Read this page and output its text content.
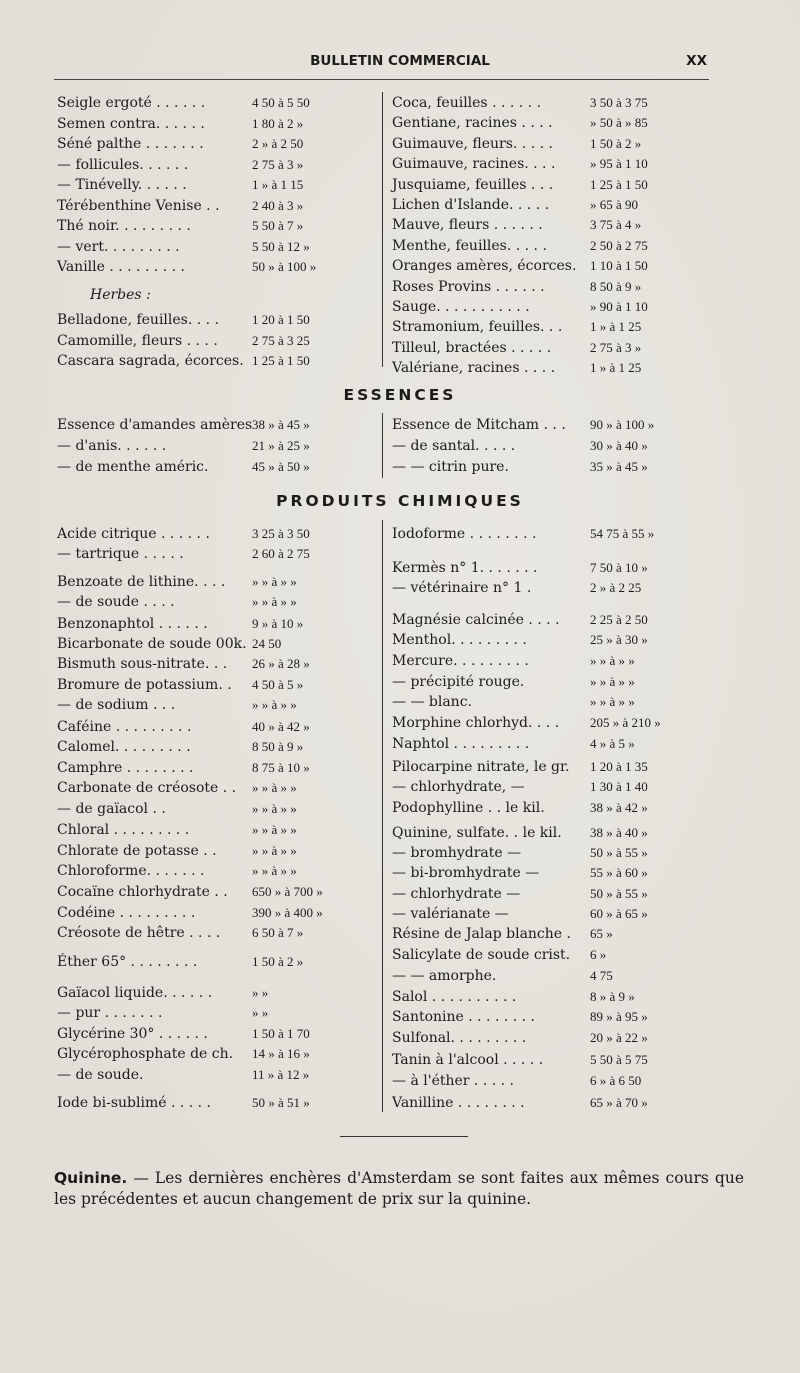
BULLETIN COMMERCIAL	XX
Herbes :
ESSENCES
PRODUITS CHIMIQUES
Quinine. — Les dernières enchères d'Amsterdam se sont faites aux mêmes cours que les précédentes et aucun changement de prix sur la quinine.
Seigle ergoté . . . . . .	4 50 à 5 50
Semen contra. . . . . .	1 80 à 2 »
Séné palthe . . . . . . .	2 » à 2 50
— follicules. . . . . .	2 75 à 3 »
— Tinévelly. . . . . .	1 » à 1 15
Térébenthine Venise . .	2 40 à 3 »
Thé noir. . . . . . . . .	5 50 à 7 »
— vert. . . . . . . . .	5 50 à 12 »
Vanille . . . . . . . . .	50 » à 100 »
Belladone, feuilles. . . .	1 20 à 1 50
Camomille, fleurs . . . .	2 75 à 3 25
Cascara sagrada, écorces. 1 25 à 1 50
Coca, feuilles . . . . . .	3 50 à 3 75
Gentiane, racines . . . .	» 50 à » 85
Guimauve, fleurs. . . . .	1 50 à 2 »
Guimauve, racines. . . .	» 95 à 1 10
Jusquiame, feuilles . . .	1 25 à 1 50
Lichen d'Islande. . . . .	» 65 à 90
Mauve, fleurs . . . . . .	3 75 à 4 »
Menthe, feuilles. . . . .	2 50 à 2 75
Oranges amères, écorces.	1 10 à 1 50
Roses Provins . . . . . .	8 50 à 9 »
Sauge. . . . . . . . . . .	» 90 à 1 10
Stramonium, feuilles. . .	1 » à 1 25
Tilleul, bractées . . . . .	2 75 à 3 »
Valériane, racines . . . .	1 » à 1 25
Essence d'amandes amères 38 » à 45 »
— d'anis. . . . . .	21 » à 25 »
— de menthe améric.	45 » à 50 »
Essence de Mitcham . . .	90 » à 100 »
— de santal. . . . .	30 » à 40 »
— — citrin pure.	35 » à 45 »
Acide citrique . . . . . .	3 25 à 3 50
— tartrique . . . . .	2 60 à 2 75
Benzoate de lithine. . . .	» » à » »
— de soude . . . .	» » à » »
Benzonaphtol . . . . . .	9 » à 10 »
Bicarbonate de soude 00k. 24 50
Bismuth sous-nitrate. . .	26 » à 28 »
Bromure de potassium. . 4 50 à 5 »
— de sodium . . .	» » à » »
Caféine . . . . . . . . .	40 » à 42 »
Calomel. . . . . . . . .	8 50 à 9 »
Camphre . . . . . . . .	8 75 à 10 »
Carbonate de créosote . . » » à » »
— de gaïacol . .	» » à » »
Chloral . . . . . . . . .	» » à » »
Chlorate de potasse . .	» » à » »
Chloroforme. . . . . . .	» » à » »
Cocaïne chlorhydrate . .	650 » à 700 »
Codéine . . . . . . . . .	390 » à 400 »
Créosote de hêtre . . . .	6 50 à 7 »
Éther 65° . . . . . . . .	1 50 à 2 »
Gaïacol liquide. . . . . .	» »
— pur . . . . . . .	» »
Glycérine 30° . . . . . .	1 50 à 1 70
Glycérophosphate de ch. 14 » à 16 »
— de soude.	11 » à 12 »
Iode bi-sublimé . . . . .	50 » à 51 »
Iodoforme . . . . . . . .	54 75 à 55 »
Kermès n° 1. . . . . . .	7 50 à 10 »
— vétérinaire n° 1 .	2 » à 2 25
Magnésie calcinée . . . .	2 25 à 2 50
Menthol. . . . . . . . .	25 » à 30 »
Mercure. . . . . . . . .	» » à » »
— précipité rouge.	» » à » »
— — blanc.	» » à » »
Morphine chlorhyd. . . .	205 » à 210 »
Naphtol . . . . . . . . .	4 » à 5 »
Pilocarpine nitrate, le gr.	1 20 à 1 35
— chlorhydrate, —	1 30 à 1 40
Podophylline . . le kil.	38 » à 42 »
Quinine, sulfate. . le kil.	38 » à 40 »
— bromhydrate —	50 » à 55 »
— bi-bromhydrate —	55 » à 60 »
— chlorhydrate —	50 » à 55 »
— valérianate —	60 » à 65 »
Résine de Jalap blanche .	65 »
Salicylate de soude crist.	6 »
— — amorphe.	4 75
Salol . . . . . . . . . .	8 » à 9 »
Santonine . . . . . . . .	89 » à 95 »
Sulfonal. . . . . . . . .	20 » à 22 »
Tanin à l'alcool . . . . .	5 50 à 5 75
— à l'éther . . . . .	6 » à 6 50
Vanilline . . . . . . . .	65 » à 70 »
